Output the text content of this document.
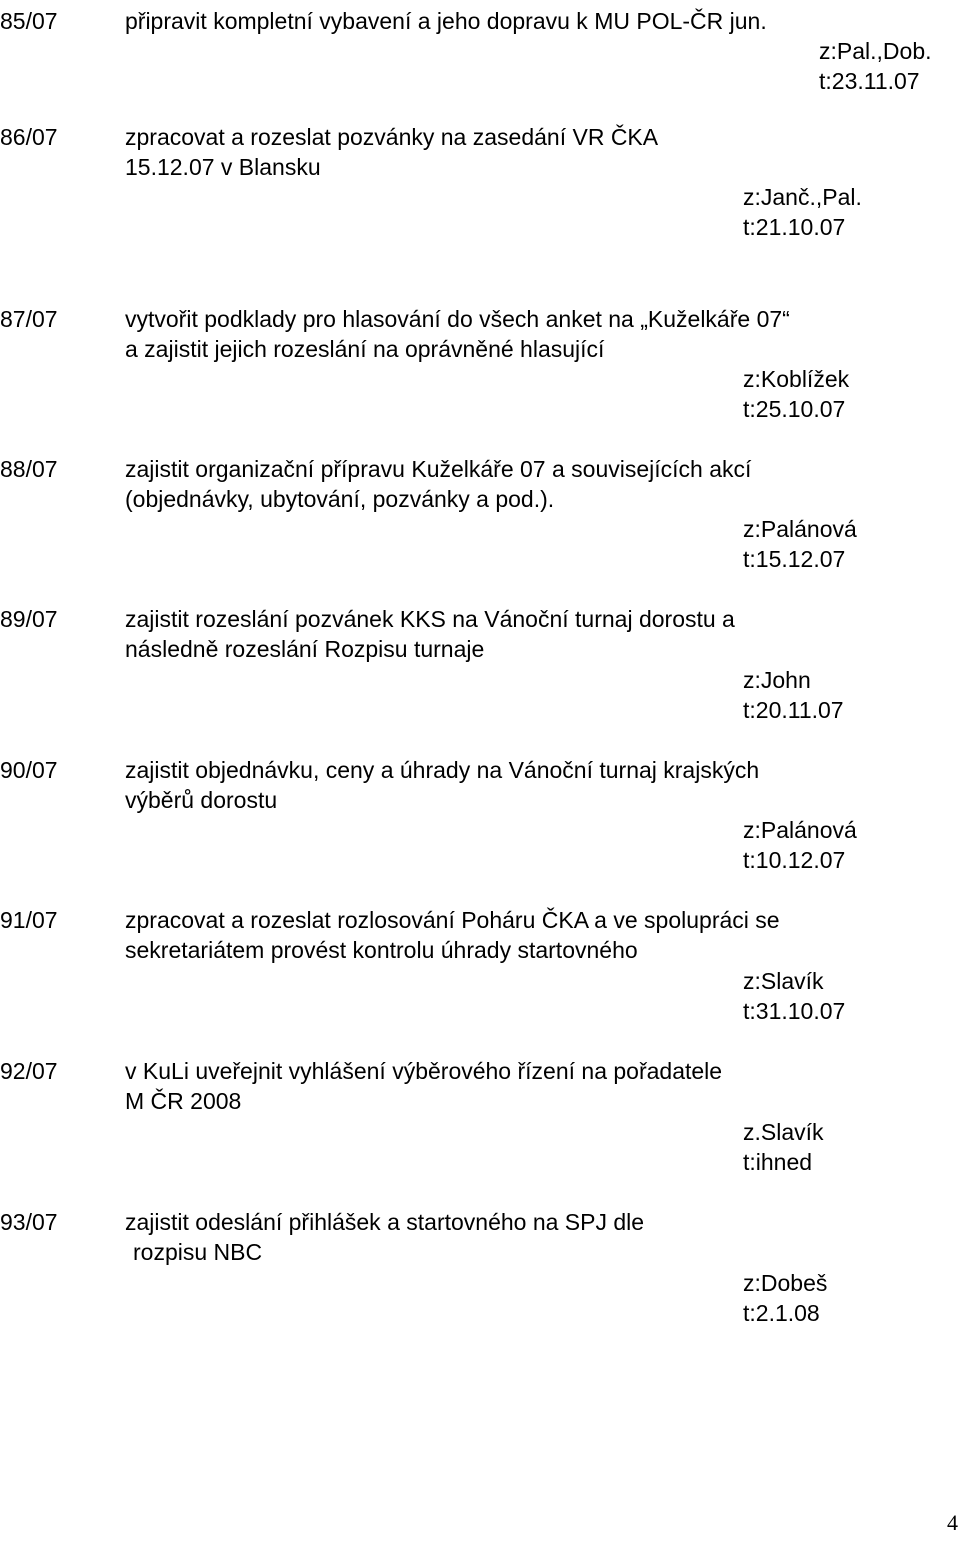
85/07	připravit kompletní vybavení a jeho dopravu k MU POL-ČR jun.
z:Pal.,Dob.
t:23.11.07
86/07	zpracovat a rozeslat pozvánky na zasedání VR ČKA
15.12.07 v Blansku
z:Janč.,Pal.
t:21.10.07
87/07	vytvořit podklady pro hlasování do všech anket na „Kuželkáře 07“
a zajistit jejich rozeslání na oprávněné hlasující
z:Koblížek
t:25.10.07
88/07	zajistit organizační přípravu Kuželkáře 07 a souvisejících akcí
(objednávky, ubytování, pozvánky a pod.).
z:Palánová
t:15.12.07
89/07	zajistit rozeslání pozvánek KKS na Vánoční turnaj dorostu a
následně rozeslání Rozpisu turnaje
z:John
t:20.11.07
90/07	zajistit objednávku, ceny a úhrady na Vánoční turnaj krajských
výběrů dorostu
z:Palánová
t:10.12.07
91/07	zpracovat a rozeslat rozlosování Poháru ČKA a ve spolupráci se
sekretariátem provést kontrolu úhrady startovného
z:Slavík
t:31.10.07
92/07	v KuLi uveřejnit vyhlášení výběrového řízení na pořadatele
M ČR 2008
z.Slavík
t:ihned
93/07	zajistit odeslání přihlášek a startovného na SPJ dle
rozpisu NBC
z:Dobeš
t:2.1.08
4
